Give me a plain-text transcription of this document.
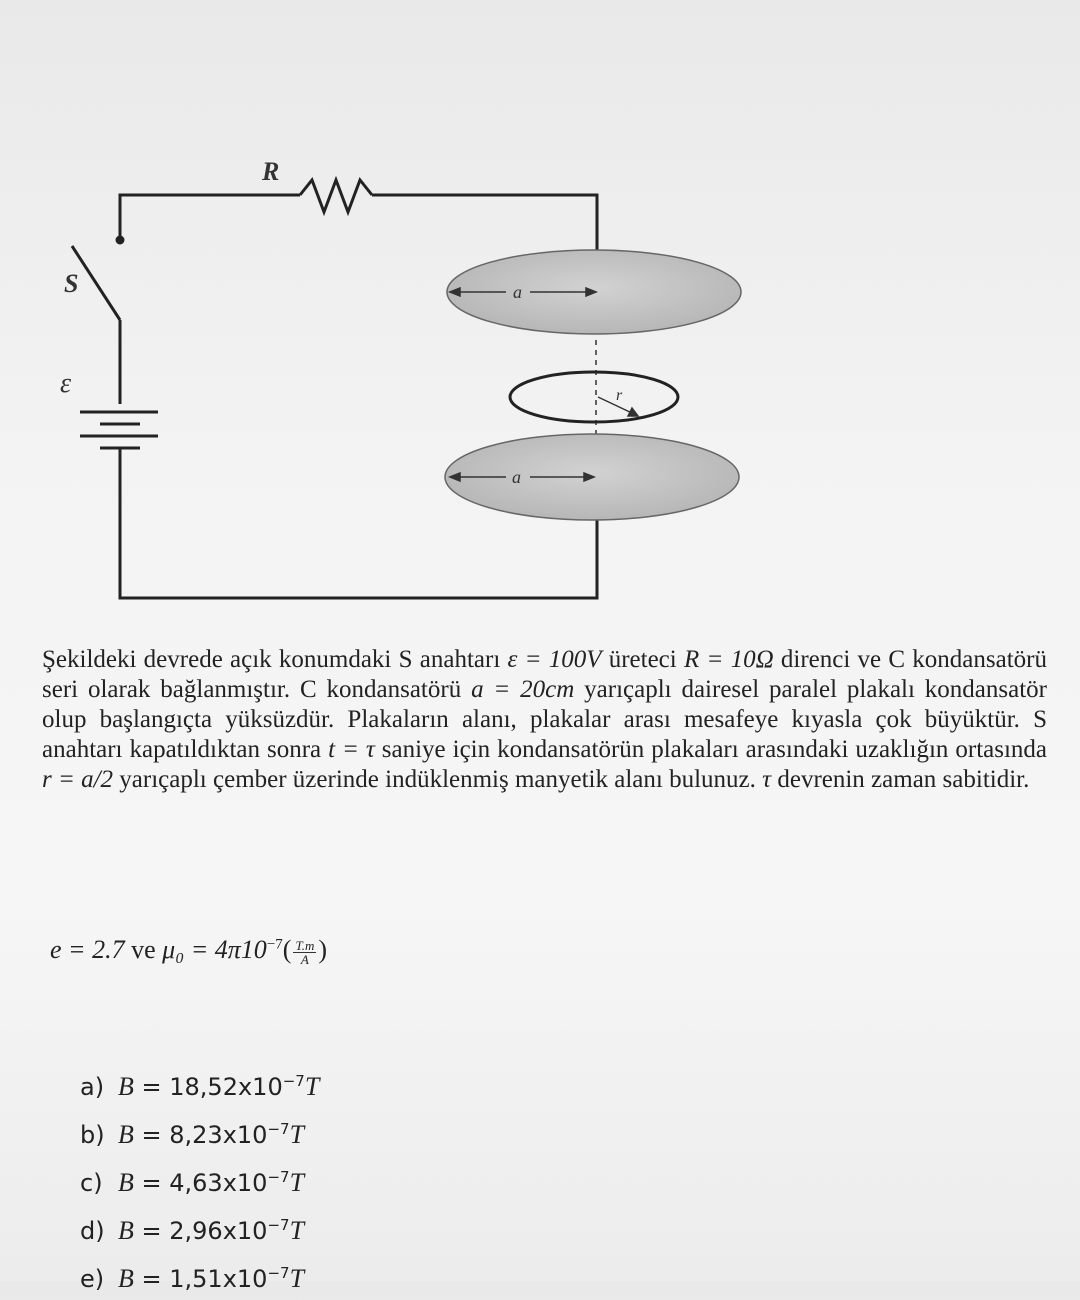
R
S
ε
a
r
a

Şekildeki devrede açık konumdaki S anahtarı ε = 100V üreteci R = 10Ω direnci ve C kondansatörü seri olarak bağlanmıştır. C kondansatörü a = 20cm yarıçaplı dairesel paralel plakalı kondansatör olup başlangıçta yüksüzdür. Plakaların alanı, plakalar arası mesafeye kıyasla çok büyüktür. S anahtarı kapatıldıktan sonra t = τ saniye için kondansatörün plakaları arasındaki uzaklığın ortasında r = a/2 yarıçaplı çember üzerinde indüklenmiş manyetik alanı bulunuz. τ devrenin zaman sabitidir.

e = 2.7 ve $\mu_0 = 4\pi 10^{-7}( \frac{T.m}{A}$ )
a) $B = 18,52x10^{-7}T$
b) $B = 8,23x10^{-7}T$
c) $B = 4,63x10^{-7}T$
d) $B = 2,96x10^{-7}T$
e) $B = 1,51x10^{-7}T$
